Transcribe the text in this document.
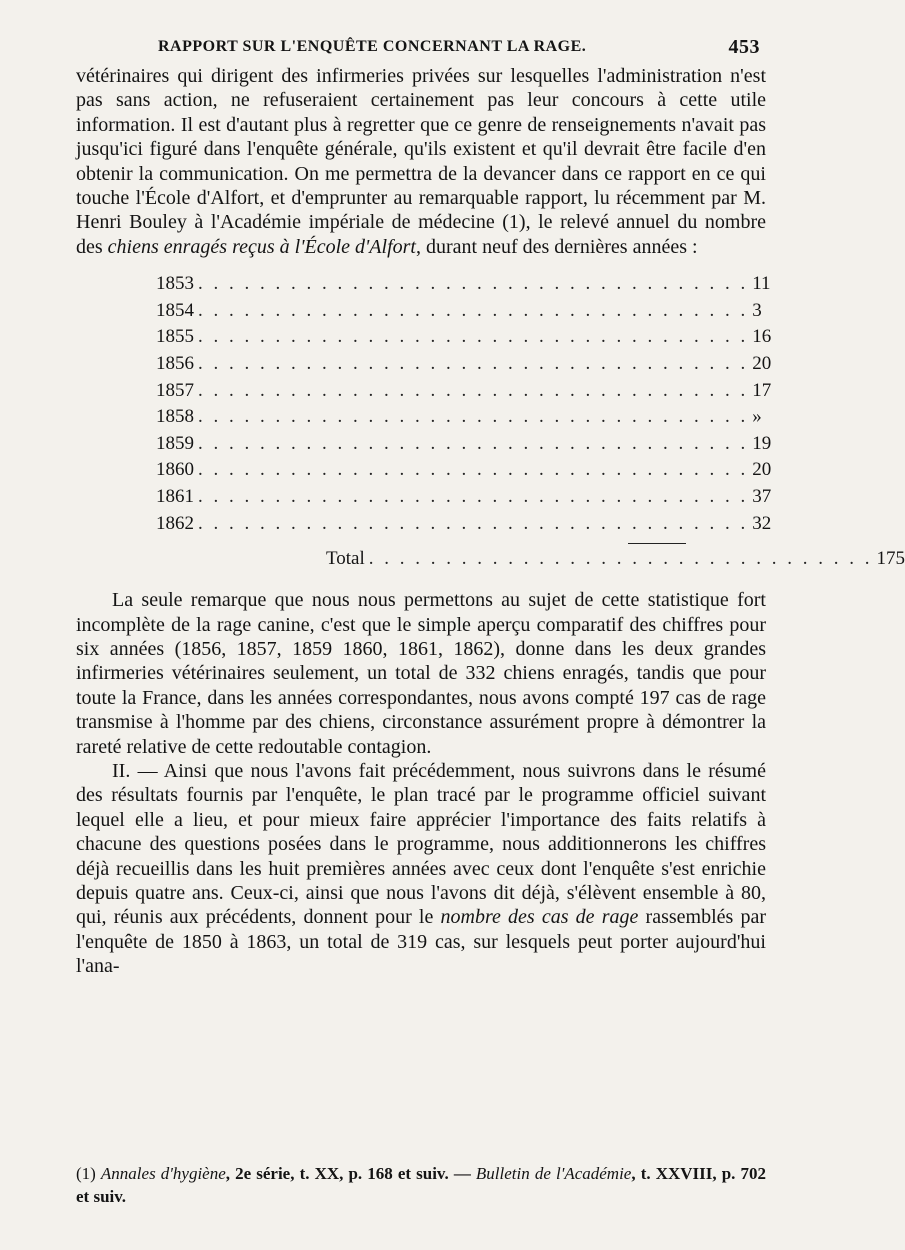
RAPPORT SUR L'ENQUÊTE CONCERNANT LA RAGE.	453

vétérinaires qui dirigent des infirmeries privées sur lesquelles l'administration n'est pas sans action, ne refuseraient certainement pas leur concours à cette utile information. Il est d'autant plus à regretter que ce genre de renseignements n'avait pas jusqu'ici figuré dans l'enquête générale, qu'ils existent et qu'il devrait être facile d'en obtenir la communication. On me permettra de la devancer dans ce rapport en ce qui touche l'École d'Alfort, et d'emprunter au remarquable rapport, lu récemment par M. Henri Bouley à l'Académie impériale de médecine (1), le relevé annuel du nombre des chiens enragés reçus à l'École d'Alfort, durant neuf des dernières années :

1853 . . . . . . . . . . . . . . . . . . . . . . . . . . . . . . . . . . . . 11
1854 . . . . . . . . . . . . . . . . . . . . . . . . . . . . . . . . . . . . 3
1855 . . . . . . . . . . . . . . . . . . . . . . . . . . . . . . . . . . . . 16
1856 . . . . . . . . . . . . . . . . . . . . . . . . . . . . . . . . . . . . 20
1857 . . . . . . . . . . . . . . . . . . . . . . . . . . . . . . . . . . . . 17
1858 . . . . . . . . . . . . . . . . . . . . . . . . . . . . . . . . . . . . »
1859 . . . . . . . . . . . . . . . . . . . . . . . . . . . . . . . . . . . . 19
1860 . . . . . . . . . . . . . . . . . . . . . . . . . . . . . . . . . . . . 20
1861 . . . . . . . . . . . . . . . . . . . . . . . . . . . . . . . . . . . . 37
1862 . . . . . . . . . . . . . . . . . . . . . . . . . . . . . . . . . . . . 32
Total . . . . . . . . . . . . . . . . . . . . . . . . . . . . . . . . . 175

La seule remarque que nous nous permettons au sujet de cette statistique fort incomplète de la rage canine, c'est que le simple aperçu comparatif des chiffres pour six années (1856, 1857, 1859 1860, 1861, 1862), donne dans les deux grandes infirmeries vétérinaires seulement, un total de 332 chiens enragés, tandis que pour toute la France, dans les années correspondantes, nous avons compté 197 cas de rage transmise à l'homme par des chiens, circonstance assurément propre à démontrer la rareté relative de cette redoutable contagion.

II. — Ainsi que nous l'avons fait précédemment, nous suivrons dans le résumé des résultats fournis par l'enquête, le plan tracé par le programme officiel suivant lequel elle a lieu, et pour mieux faire apprécier l'importance des faits relatifs à chacune des questions posées dans le programme, nous additionnerons les chiffres déjà recueillis dans les huit premières années avec ceux dont l'enquête s'est enrichie depuis quatre ans. Ceux-ci, ainsi que nous l'avons dit déjà, s'élèvent ensemble à 80, qui, réunis aux précédents, donnent pour le nombre des cas de rage rassemblés par l'enquête de 1850 à 1863, un total de 319 cas, sur lesquels peut porter aujourd'hui l'ana-

(1) Annales d'hygiène, 2e série, t. XX, p. 168 et suiv. — Bulletin de l'Académie, t. XXVIII, p. 702 et suiv.
